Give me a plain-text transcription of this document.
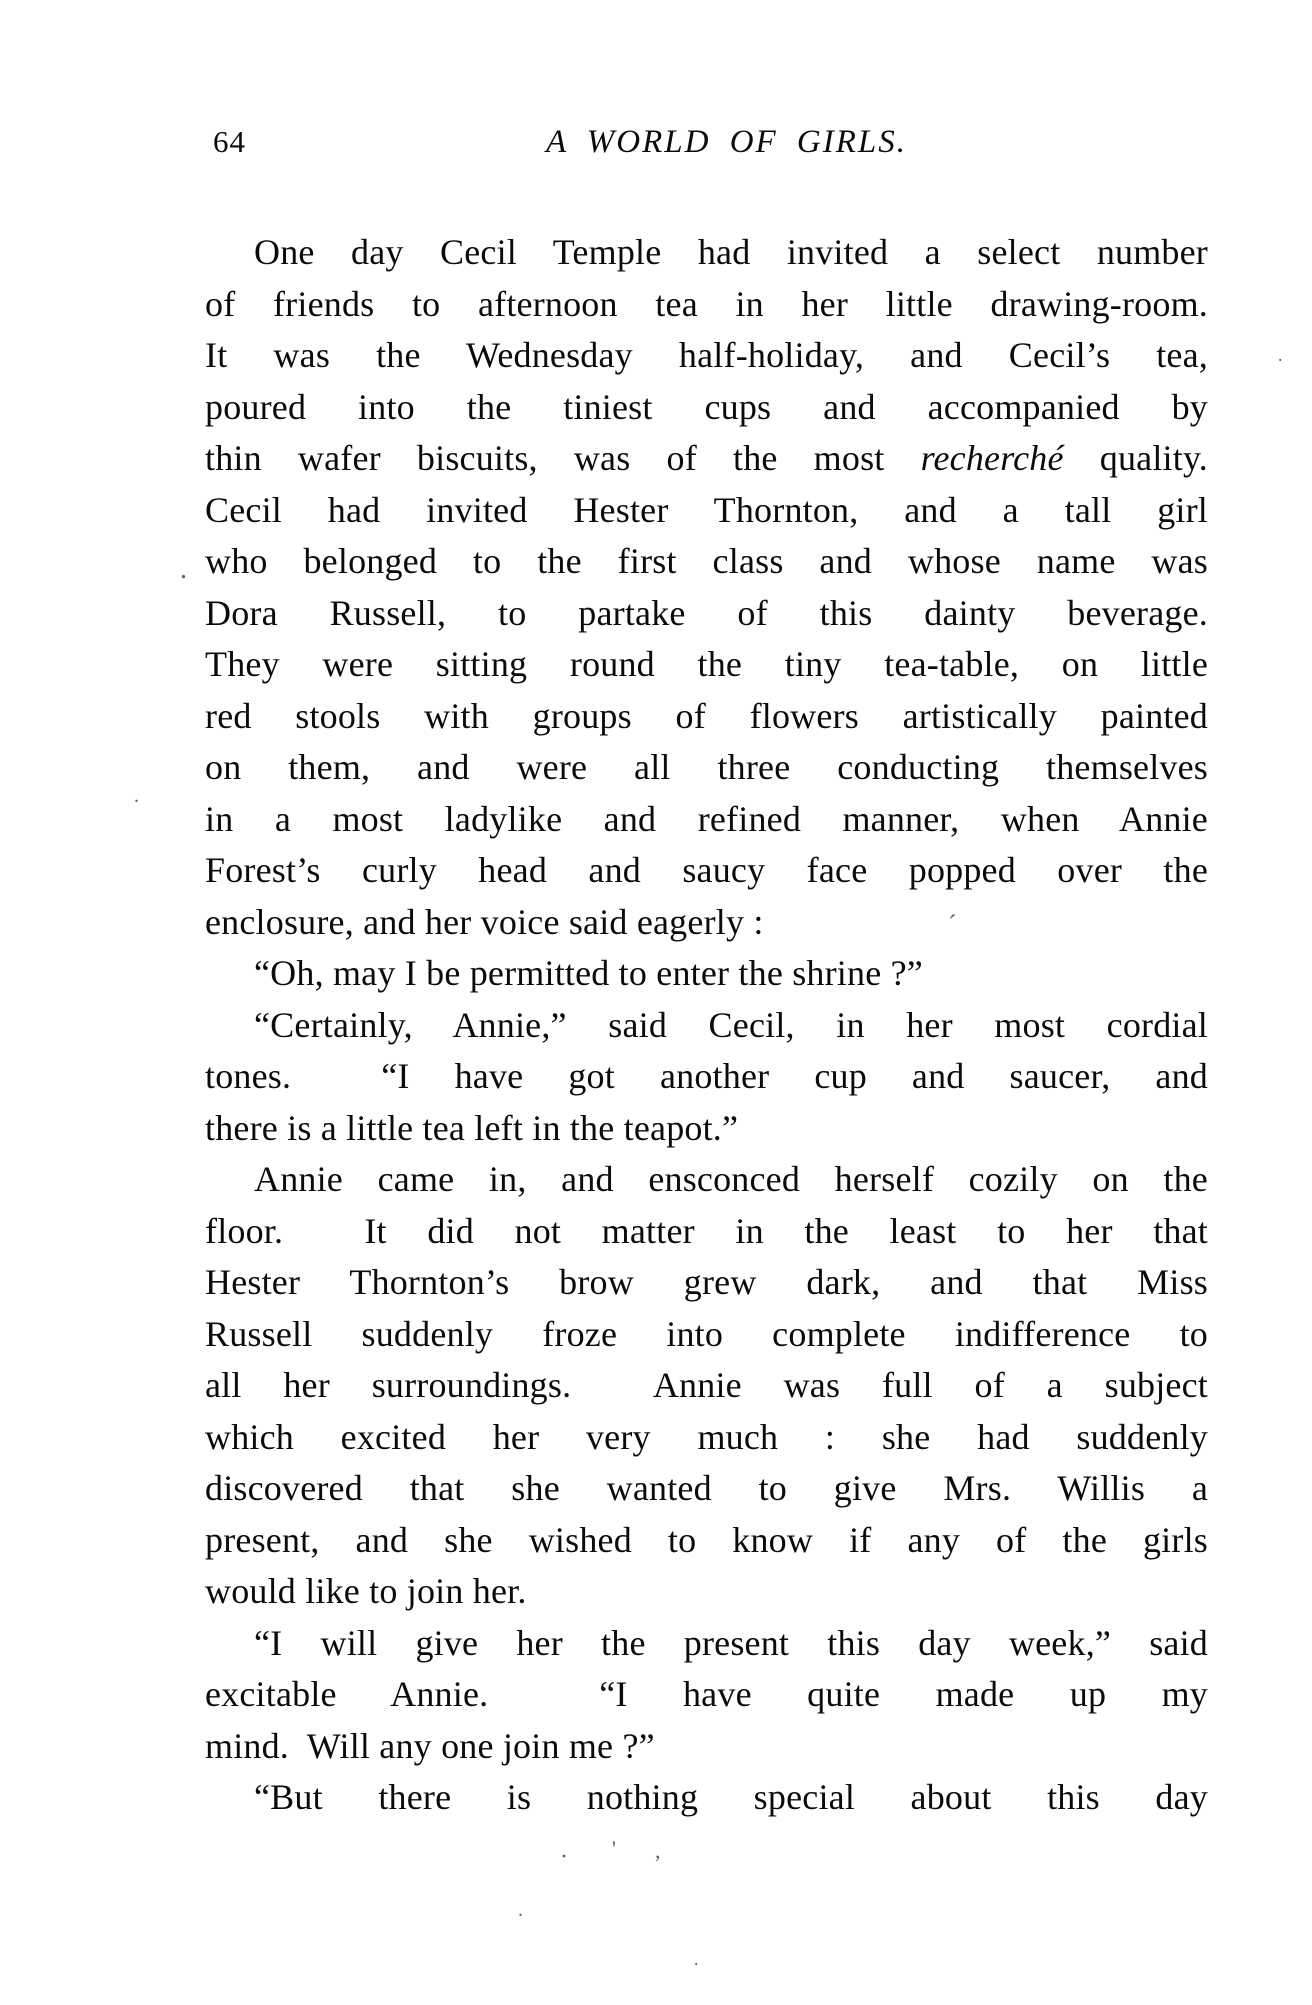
64	A WORLD OF GIRLS.
One day Cecil Temple had invited a select number
of friends to afternoon tea in her little drawing-room.
It was the Wednesday half-holiday, and Cecil’s tea,
poured into the tiniest cups and accompanied by
thin wafer biscuits, was of the most recherché quality.
Cecil had invited Hester Thornton, and a tall girl
who belonged to the first class and whose name was
Dora Russell, to partake of this dainty beverage.
They were sitting round the tiny tea-table, on little
red stools with groups of flowers artistically painted
on them, and were all three conducting themselves
in a most ladylike and refined manner, when Annie
Forest’s curly head and saucy face popped over the
enclosure, and her voice said eagerly :
“Oh, may I be permitted to enter the shrine ?”
“Certainly, Annie,” said Cecil, in her most cordial
tones.  “I have got another cup and saucer, and
there is a little tea left in the teapot.”
Annie came in, and ensconced herself cozily on the
floor.  It did not matter in the least to her that
Hester Thornton’s brow grew dark, and that Miss
Russell suddenly froze into complete indifference to
all her surroundings.  Annie was full of a subject
which excited her very much : she had suddenly
discovered that she wanted to give Mrs. Willis a
present, and she wished to know if any of the girls
would like to join her.
“I will give her the present this day week,” said
excitable Annie.  “I have quite made up my
mind.  Will any one join me ?”
“But there is nothing special about this day
.
.
.
´
· ' ,
.
.
